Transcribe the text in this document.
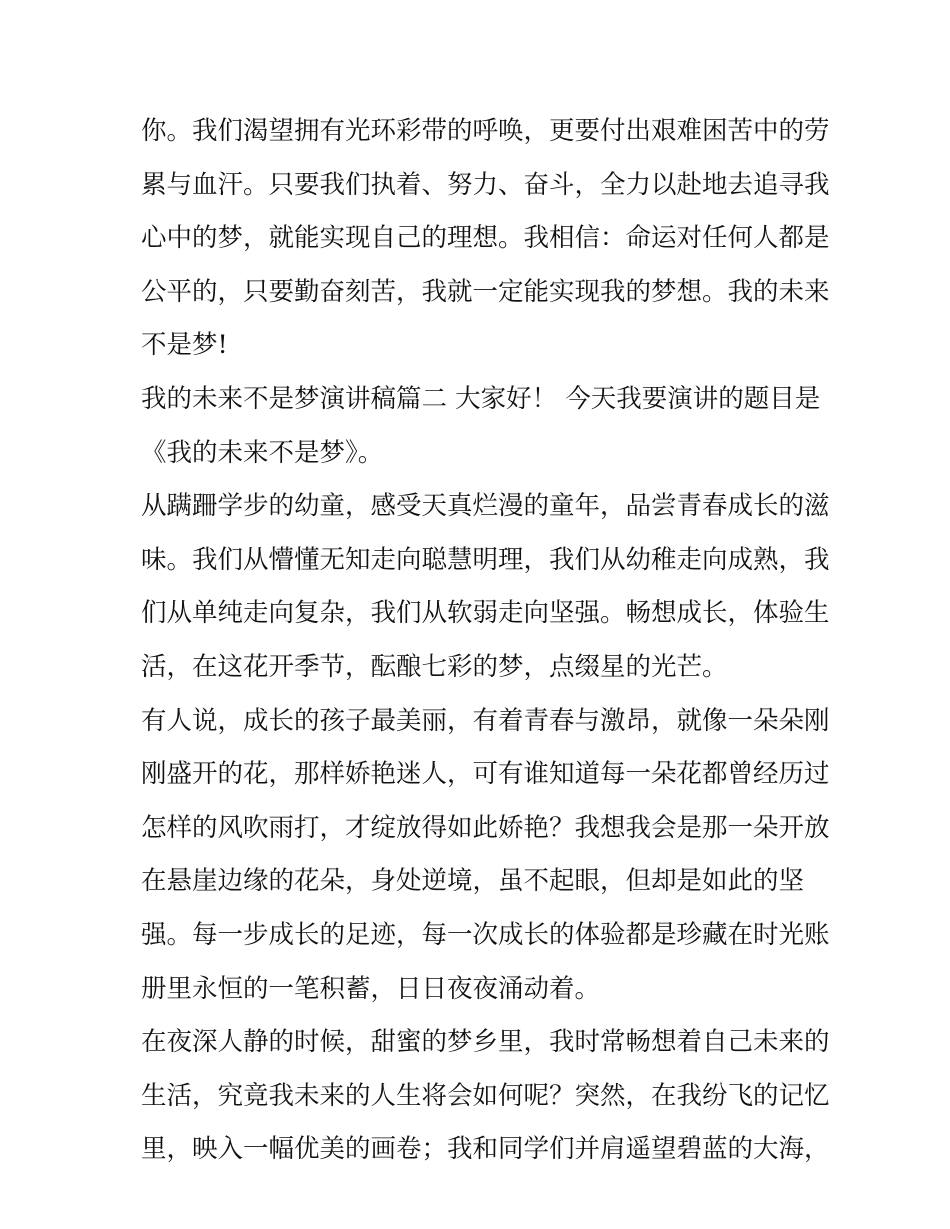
你。我们渴望拥有光环彩带的呼唤，更要付出艰难困苦中的劳
累与血汗。只要我们执着、努力、奋斗，全力以赴地去追寻我
心中的梦，就能实现自己的理想。我相信：命运对任何人都是
公平的，只要勤奋刻苦，我就一定能实现我的梦想。我的未来
不是梦!
我的未来不是梦演讲稿篇二 大家好！ 今天我要演讲的题目是
《我的未来不是梦》。
从蹒跚学步的幼童，感受天真烂漫的童年，品尝青春成长的滋
味。我们从懵懂无知走向聪慧明理，我们从幼稚走向成熟，我
们从单纯走向复杂，我们从软弱走向坚强。畅想成长，体验生
活，在这花开季节，酝酿七彩的梦，点缀星的光芒。
有人说，成长的孩子最美丽，有着青春与激昂，就像一朵朵刚
刚盛开的花，那样娇艳迷人，可有谁知道每一朵花都曾经历过
怎样的风吹雨打，才绽放得如此娇艳？我想我会是那一朵开放
在悬崖边缘的花朵，身处逆境，虽不起眼，但却是如此的坚
强。每一步成长的足迹，每一次成长的体验都是珍藏在时光账
册里永恒的一笔积蓄，日日夜夜涌动着。
在夜深人静的时候，甜蜜的梦乡里，我时常畅想着自己未来的
生活，究竟我未来的人生将会如何呢？突然，在我纷飞的记忆
里，映入一幅优美的画卷；我和同学们并肩遥望碧蓝的大海，
